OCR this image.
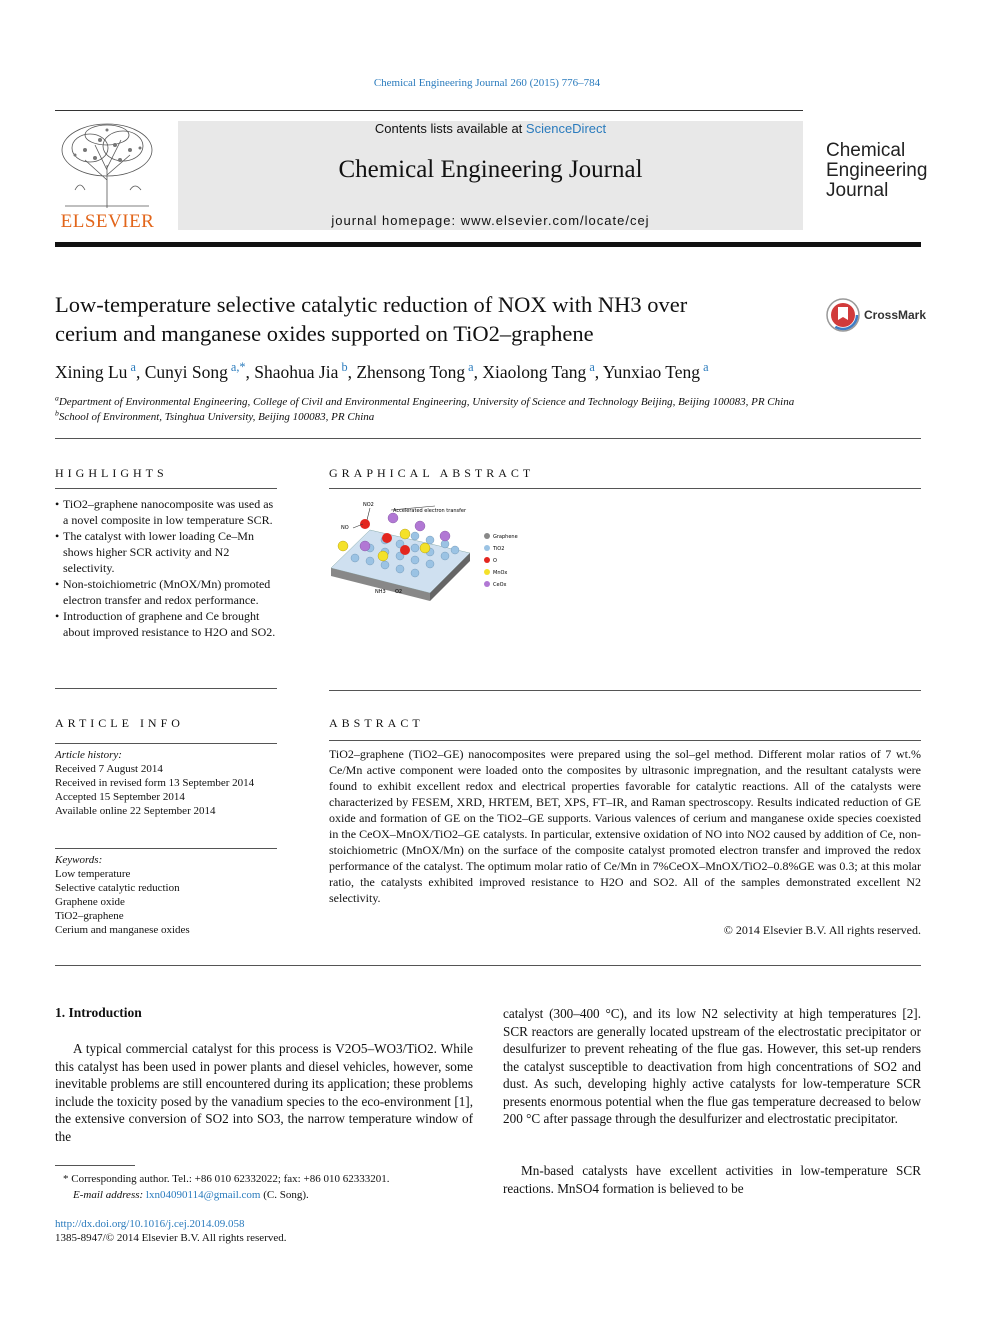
Chemical Engineering Journal 260 (2015) 776–784
ELSEVIER
Contents lists available at ScienceDirect
Chemical Engineering Journal
journal homepage: www.elsevier.com/locate/cej
Chemical
Engineering
Journal
Low-temperature selective catalytic reduction of NOX with NH3 over
cerium and manganese oxides supported on TiO2–graphene
CrossMark
Xining Lu $^a$, Cunyi Song $^{a,*}$, Shaohua Jia $^b$, Zhensong Tong $^a$, Xiaolong Tang $^a$, Yunxiao Teng $^a$
$^a$Department of Environmental Engineering, College of Civil and Environmental Engineering, University of Science and Technology Beijing, Beijing 100083, PR China
$^b$School of Environment, Tsinghua University, Beijing 100083, PR China
HIGHLIGHTS
• TiO2–graphene nanocomposite was used as a novel composite in low temperature SCR.
• The catalyst with lower loading Ce–Mn shows higher SCR activity and N2 selectivity.
• Non-stoichiometric (MnOX/Mn) promoted electron transfer and redox performance.
• Introduction of graphene and Ce brought about improved resistance to H2O and SO2.
GRAPHICAL ABSTRACT
NO2
NO
Accelerated electron transfer
NH3 O2
Graphene
TiO2
O
MnOx
CeOx
ARTICLE INFO
Article history:
Received 7 August 2014
Received in revised form 13 September 2014
Accepted 15 September 2014
Available online 22 September 2014
Keywords:
Low temperature
Selective catalytic reduction
Graphene oxide
TiO2–graphene
Cerium and manganese oxides
ABSTRACT
TiO2–graphene (TiO2–GE) nanocomposites were prepared using the sol–gel method. Different molar ratios of 7 wt.% Ce/Mn active component were loaded onto the composites by ultrasonic impregnation, and the resultant catalysts were found to exhibit excellent redox and electrical properties favorable for catalytic reactions. All of the catalysts were characterized by FESEM, XRD, HRTEM, BET, XPS, FT–IR, and Raman spectroscopy. Results indicated reduction of GE oxide and formation of GE on the TiO2–GE supports. Various valences of cerium and manganese oxide species coexisted in the CeOX–MnOX/TiO2–GE catalysts. In particular, extensive oxidation of NO into NO2 caused by addition of Ce, non-stoichiometric (MnOX/Mn) on the surface of the composite catalyst promoted electron transfer and improved the redox performance of the catalyst. The optimum molar ratio of Ce/Mn in 7%CeOX–MnOX/TiO2–0.8%GE was 0.3; at this molar ratio, the catalysts exhibited improved resistance to H2O and SO2. All of the samples demonstrated excellent N2 selectivity.
© 2014 Elsevier B.V. All rights reserved.
1. Introduction
A typical commercial catalyst for this process is V2O5–WO3/TiO2. While this catalyst has been used in power plants and diesel vehicles, however, some inevitable problems are still encountered during its application; these problems include the toxicity posed by the vanadium species to the eco-environment [1], the extensive conversion of SO2 into SO3, the narrow temperature window of the
catalyst (300–400 °C), and its low N2 selectivity at high temperatures [2]. SCR reactors are generally located upstream of the electrostatic precipitator or desulfurizer to prevent reheating of the flue gas. However, this set-up renders the catalyst susceptible to deactivation from high concentrations of SO2 and dust. As such, developing highly active catalysts for low-temperature SCR presents enormous potential when the flue gas temperature decreased to below 200 °C after passage through the desulfurizer and electrostatic precipitator.
Mn-based catalysts have excellent activities in low-temperature SCR reactions. MnSO4 formation is believed to be
* Corresponding author. Tel.: +86 010 62332022; fax: +86 010 62333201.
E-mail address: lxn04090114@gmail.com (C. Song).
http://dx.doi.org/10.1016/j.cej.2014.09.058
1385-8947/© 2014 Elsevier B.V. All rights reserved.
